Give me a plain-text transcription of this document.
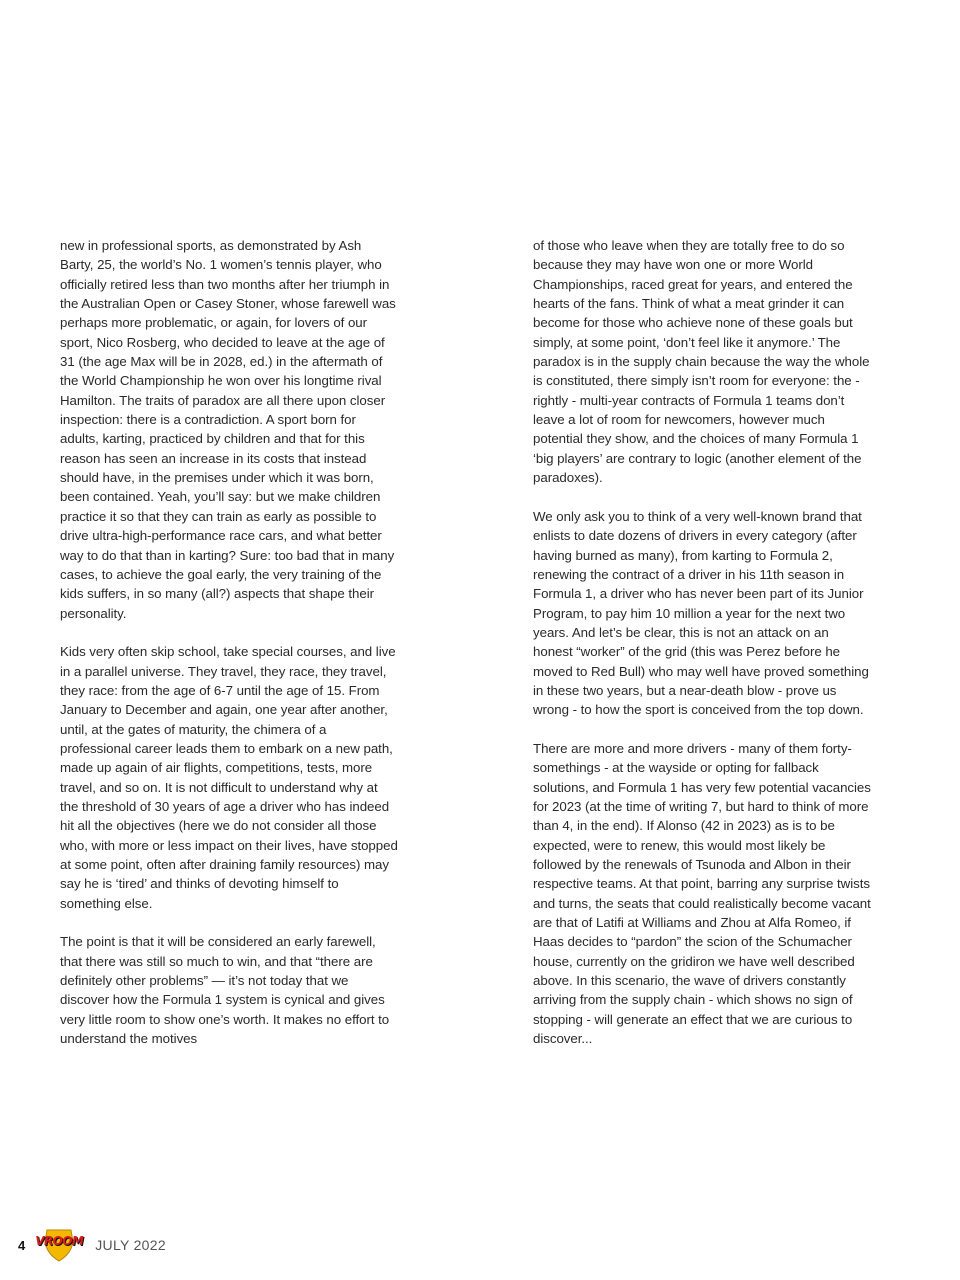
new in professional sports, as demonstrated by Ash Barty, 25, the world’s No. 1 women’s tennis player, who officially retired less than two months after her triumph in the Australian Open or Casey Stoner, whose farewell was perhaps more problematic, or again, for lovers of our sport, Nico Rosberg, who decided to leave at the age of 31 (the age Max will be in 2028, ed.) in the aftermath of the World Championship he won over his longtime rival Hamilton. The traits of paradox are all there upon closer inspection: there is a contradiction. A sport born for adults, karting, practiced by children and that for this reason has seen an increase in its costs that instead should have, in the premises under which it was born, been contained. Yeah, you’ll say: but we make children practice it so that they can train as early as possible to drive ultra-high-performance race cars, and what better way to do that than in karting? Sure: too bad that in many cases, to achieve the goal early, the very training of the kids suffers, in so many (all?) aspects that shape their personality.

Kids very often skip school, take special courses, and live in a parallel universe. They travel, they race, they travel, they race: from the age of 6-7 until the age of 15. From January to December and again, one year after another, until, at the gates of maturity, the chimera of a professional career leads them to embark on a new path, made up again of air flights, competitions, tests, more travel, and so on. It is not difficult to understand why at the threshold of 30 years of age a driver who has indeed hit all the objectives (here we do not consider all those who, with more or less impact on their lives, have stopped at some point, often after draining family resources) may say he is ‘tired’ and thinks of devoting himself to something else.

The point is that it will be considered an early farewell, that there was still so much to win, and that “there are definitely other problems” — it’s not today that we discover how the Formula 1 system is cynical and gives very little room to show one’s worth. It makes no effort to understand the motives

of those who leave when they are totally free to do so because they may have won one or more World Championships, raced great for years, and entered the hearts of the fans. Think of what a meat grinder it can become for those who achieve none of these goals but simply, at some point, ‘don’t feel like it anymore.’ The paradox is in the supply chain because the way the whole is constituted, there simply isn’t room for everyone: the - rightly - multi-year contracts of Formula 1 teams don’t leave a lot of room for newcomers, however much potential they show, and the choices of many Formula 1 ‘big players’ are contrary to logic (another element of the paradoxes).

We only ask you to think of a very well-known brand that enlists to date dozens of drivers in every category (after having burned as many), from karting to Formula 2, renewing the contract of a driver in his 11th season in Formula 1, a driver who has never been part of its Junior Program, to pay him 10 million a year for the next two years. And let’s be clear, this is not an attack on an honest “worker” of the grid (this was Perez before he moved to Red Bull) who may well have proved something in these two years, but a near-death blow - prove us wrong - to how the sport is conceived from the top down.

There are more and more drivers - many of them forty-somethings - at the wayside or opting for fallback solutions, and Formula 1 has very few potential vacancies for 2023 (at the time of writing 7, but hard to think of more than 4, in the end). If Alonso (42 in 2023) as is to be expected, were to renew, this would most likely be followed by the renewals of Tsunoda and Albon in their respective teams. At that point, barring any surprise twists and turns, the seats that could realistically become vacant are that of Latifi at Williams and Zhou at Alfa Romeo, if Haas decides to “pardon” the scion of the Schumacher house, currently on the gridiron we have well described above. In this scenario, the wave of drivers constantly arriving from the supply chain - which shows no sign of stopping - will generate an effect that we are curious to discover...

4 VROOM JULY 2022
